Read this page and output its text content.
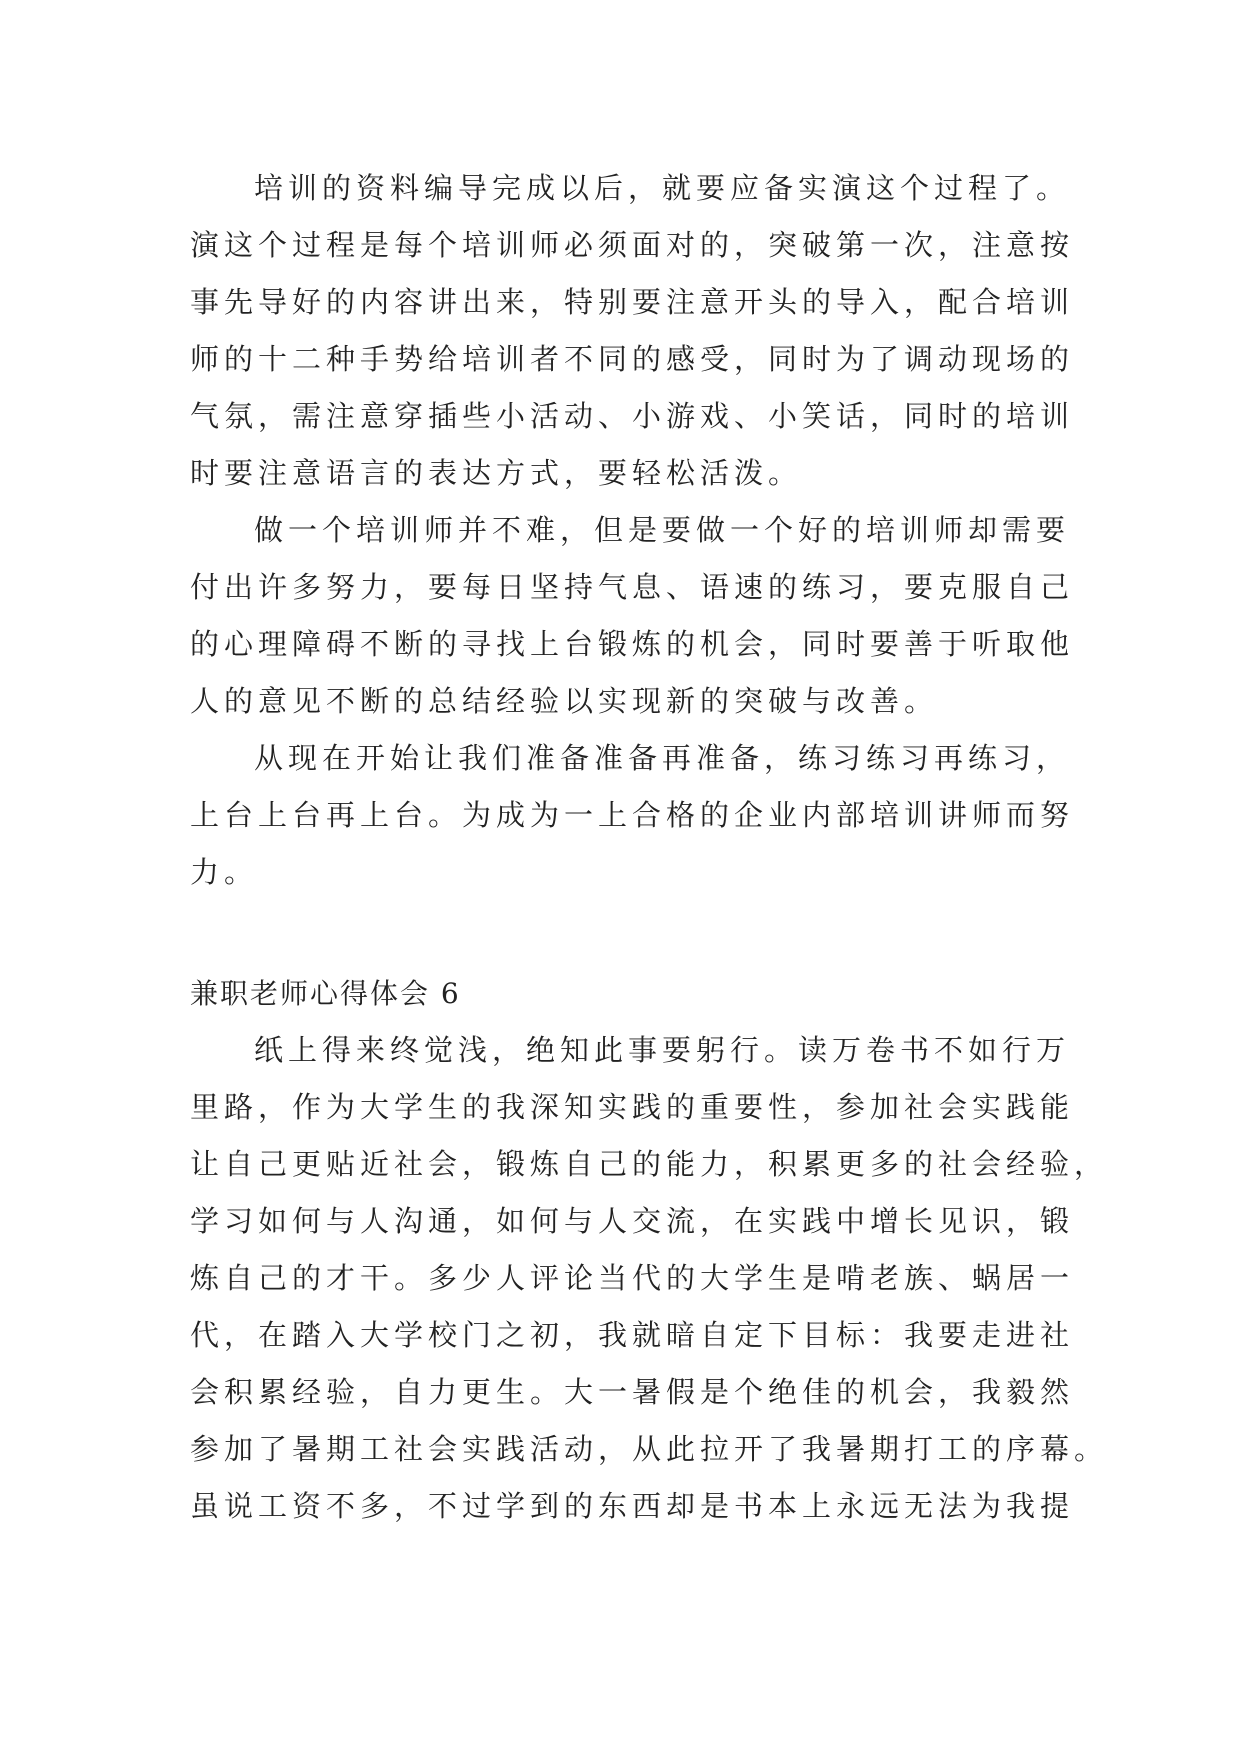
培训的资料编导完成以后，就要应备实演这个过程了。
演这个过程是每个培训师必须面对的，突破第一次，注意按
事先导好的内容讲出来，特别要注意开头的导入，配合培训
师的十二种手势给培训者不同的感受，同时为了调动现场的
气氛，需注意穿插些小活动、小游戏、小笑话，同时的培训
时要注意语言的表达方式，要轻松活泼。
做一个培训师并不难，但是要做一个好的培训师却需要
付出许多努力，要每日坚持气息、语速的练习，要克服自己
的心理障碍不断的寻找上台锻炼的机会，同时要善于听取他
人的意见不断的总结经验以实现新的突破与改善。
从现在开始让我们准备准备再准备，练习练习再练习，
上台上台再上台。为成为一上合格的企业内部培训讲师而努
力。
兼职老师心得体会 6
纸上得来终觉浅，绝知此事要躬行。读万卷书不如行万
里路，作为大学生的我深知实践的重要性，参加社会实践能
让自己更贴近社会，锻炼自己的能力，积累更多的社会经验，
学习如何与人沟通，如何与人交流，在实践中增长见识，锻
炼自己的才干。多少人评论当代的大学生是啃老族、蜗居一
代，在踏入大学校门之初，我就暗自定下目标：我要走进社
会积累经验，自力更生。大一暑假是个绝佳的机会，我毅然
参加了暑期工社会实践活动，从此拉开了我暑期打工的序幕。
虽说工资不多，不过学到的东西却是书本上永远无法为我提
